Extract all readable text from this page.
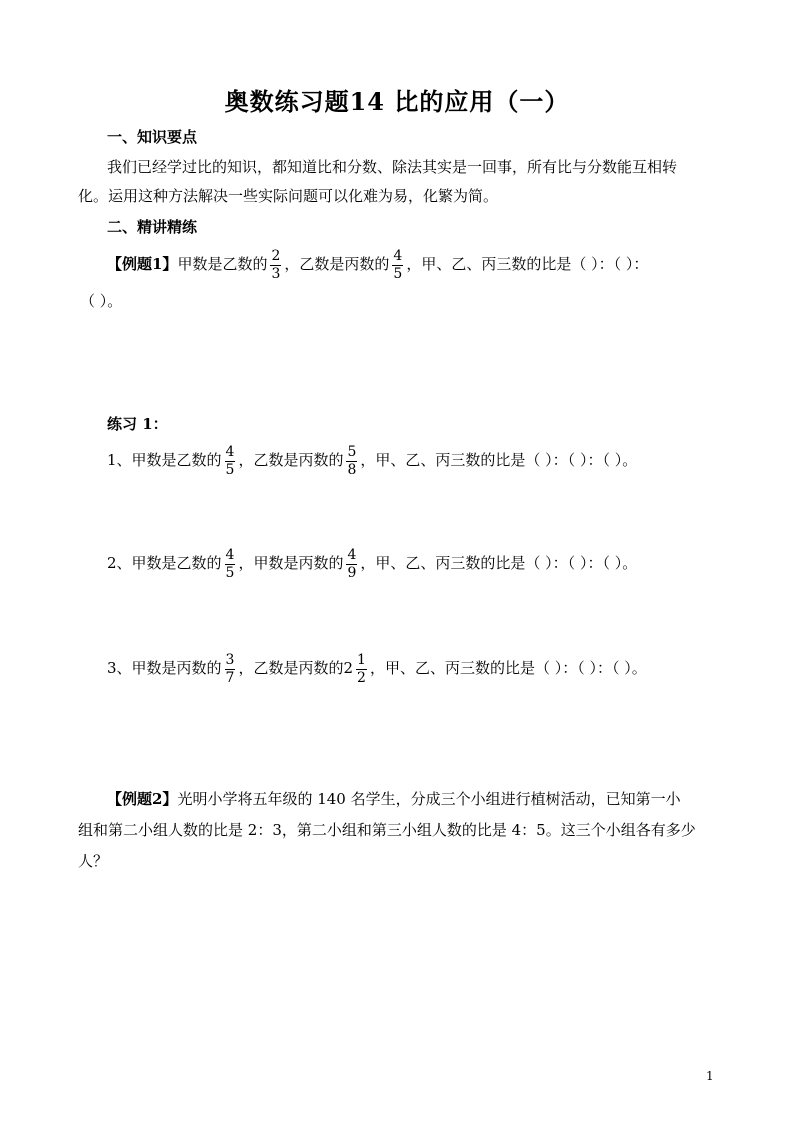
奥数练习题14 比的应用（一）
一、知识要点
我们已经学过比的知识，都知道比和分数、除法其实是一回事，所有比与分数能互相转
化。运用这种方法解决一些实际问题可以化难为易，化繁为简。
二、精讲精练
【例题1】甲数是乙数的 $\frac{2}{3}$ ，乙数是丙数的 $\frac{4}{5}$ ，甲、乙、丙三数的比是（ ）：（ ）：
（ ）。
练习 1：
1、甲数是乙数的 $\frac{4}{5}$ ，乙数是丙数的 $\frac{5}{8}$ ，甲、乙、丙三数的比是（ ）：（ ）：（ ）。
2、甲数是乙数的 $\frac{4}{5}$ ，甲数是丙数的 $\frac{4}{9}$ ，甲、乙、丙三数的比是（ ）：（ ）：（ ）。
3、甲数是丙数的 $\frac{3}{7}$ ，乙数是丙数的$2 \frac{1}{2}$ ，甲、乙、丙三数的比是（ ）：（ ）：（ ）。
【例题2】光明小学将五年级的 140 名学生，分成三个小组进行植树活动，已知第一小
组和第二小组人数的比是 2：3，第二小组和第三小组人数的比是 4：5。这三个小组各有多少
人？
1
